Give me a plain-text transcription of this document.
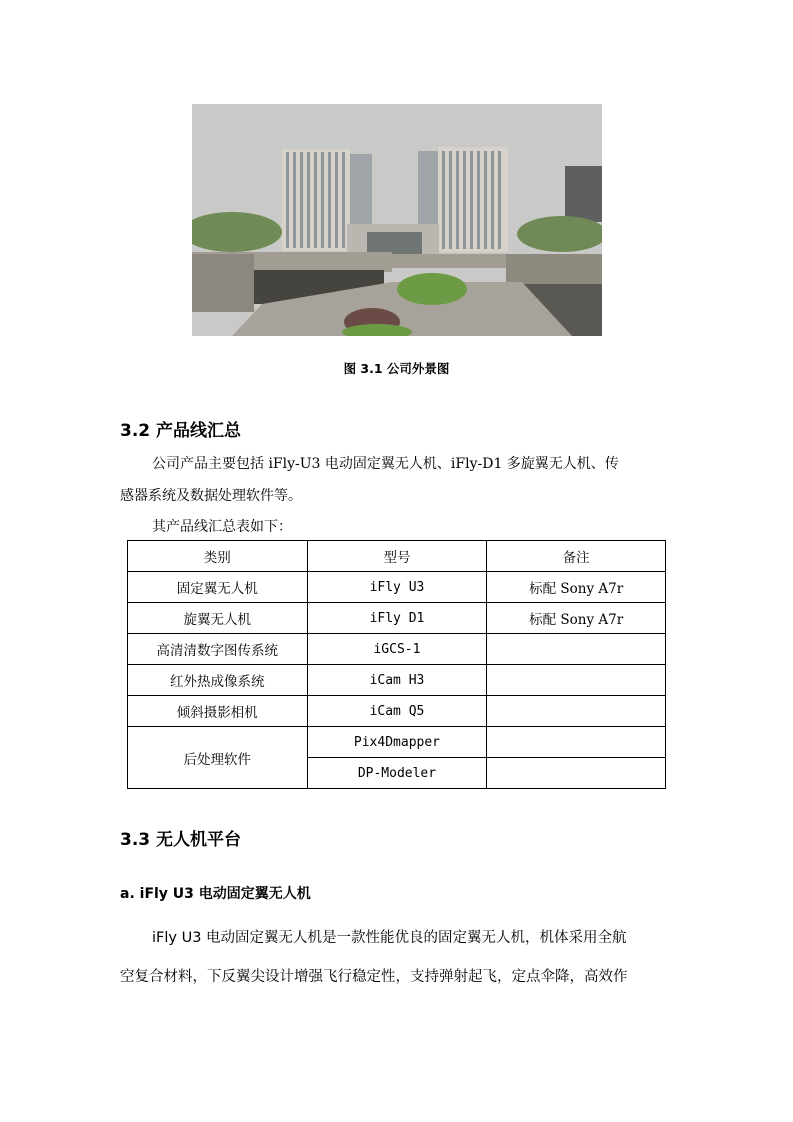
图 3.1 公司外景图
3.2 产品线汇总
公司产品主要包括 iFly-U3 电动固定翼无人机、iFly-D1 多旋翼无人机、传
感器系统及数据处理软件等。
其产品线汇总表如下：
类别	型号	备注
固定翼无人机	iFly U3	标配 Sony A7r
旋翼无人机	iFly D1	标配 Sony A7r
高清清数字图传系统	iGCS-1	
红外热成像系统	iCam H3	
倾斜摄影相机	iCam Q5	
后处理软件	Pix4Dmapper	
	DP-Modeler	
3.3 无人机平台
a. iFly U3 电动固定翼无人机
iFly U3 电动固定翼无人机是一款性能优良的固定翼无人机，机体采用全航
空复合材料，下反翼尖设计增强飞行稳定性，支持弹射起飞，定点伞降，高效作
